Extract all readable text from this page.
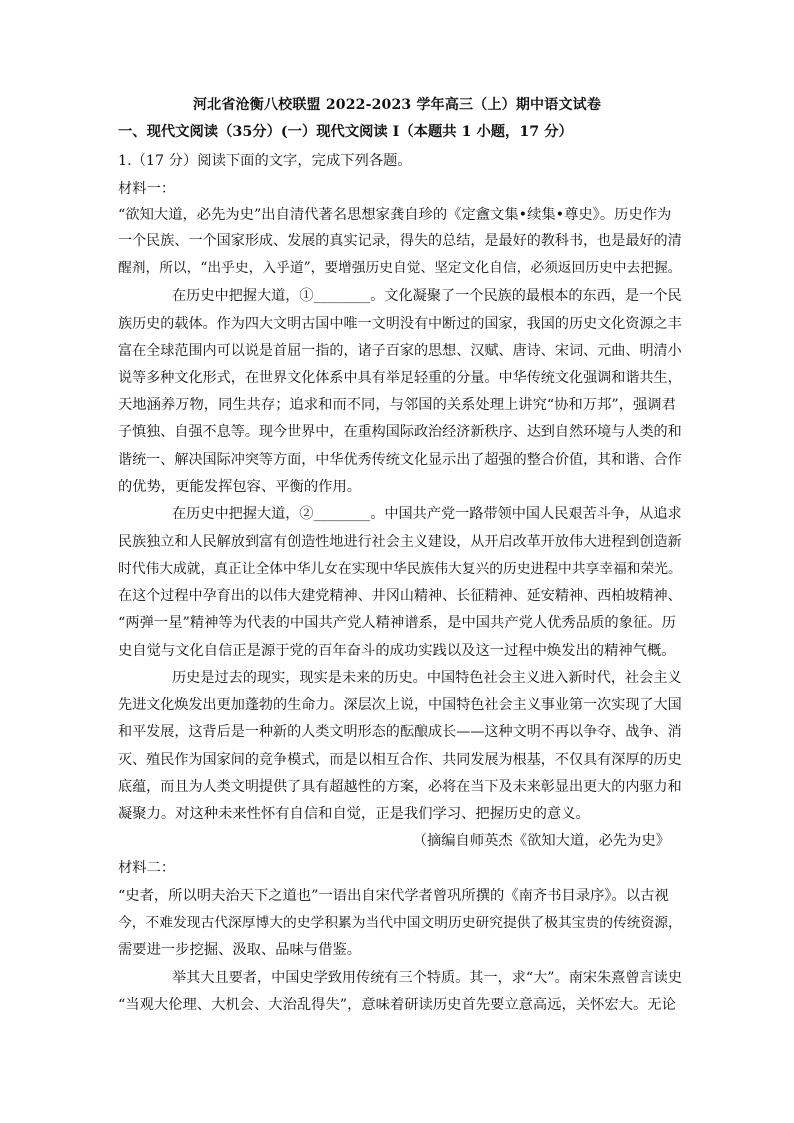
河北省沧衡八校联盟 2022-2023 学年高三（上）期中语文试卷
一、现代文阅读（35分）(一）现代文阅读 I（本题共 1 小题，17 分）
1.（17 分）阅读下面的文字，完成下列各题。
材料一：
“欲知大道，必先为史”出自清代著名思想家龚自珍的《定盦文集•续集•尊史》。历史作为
一个民族、一个国家形成、发展的真实记录，得失的总结，是最好的教科书，也是最好的清
醒剂，所以，“出乎史，入乎道”，要增强历史自觉、坚定文化自信，必须返回历史中去把握。
在历史中把握大道，①________。文化凝聚了一个民族的最根本的东西，是一个民
族历史的载体。作为四大文明古国中唯一文明没有中断过的国家，我国的历史文化资源之丰
富在全球范围内可以说是首屈一指的，诸子百家的思想、汉赋、唐诗、宋词、元曲、明清小
说等多种文化形式，在世界文化体系中具有举足轻重的分量。中华传统文化强调和谐共生，
天地涵养万物，同生共存；追求和而不同，与邻国的关系处理上讲究“协和万邦”，强调君
子慎独、自强不息等。现今世界中，在重构国际政治经济新秩序、达到自然环境与人类的和
谐统一、解决国际冲突等方面，中华优秀传统文化显示出了超强的整合价值，其和谐、合作
的优势，更能发挥包容、平衡的作用。
在历史中把握大道，②________。中国共产党一路带领中国人民艰苦斗争，从追求
民族独立和人民解放到富有创造性地进行社会主义建设，从开启改革开放伟大进程到创造新
时代伟大成就，真正让全体中华儿女在实现中华民族伟大复兴的历史进程中共享幸福和荣光。
在这个过程中孕育出的以伟大建党精神、井冈山精神、长征精神、延安精神、西柏坡精神、
“两弹一星”精神等为代表的中国共产党人精神谱系，是中国共产党人优秀品质的象征。历
史自觉与文化自信正是源于党的百年奋斗的成功实践以及这一过程中焕发出的精神气概。
历史是过去的现实，现实是未来的历史。中国特色社会主义进入新时代，社会主义
先进文化焕发出更加蓬勃的生命力。深层次上说，中国特色社会主义事业第一次实现了大国
和平发展，这背后是一种新的人类文明形态的酝酿成长——这种文明不再以争夺、战争、消
灭、殖民作为国家间的竞争模式，而是以相互合作、共同发展为根基，不仅具有深厚的历史
底蕴，而且为人类文明提供了具有超越性的方案，必将在当下及未来彰显出更大的内驱力和
凝聚力。对这种未来性怀有自信和自觉，正是我们学习、把握历史的意义。
（摘编自师英杰《欲知大道，必先为史》
材料二：
“史者，所以明夫治天下之道也”一语出自宋代学者曾巩所撰的《南齐书目录序》。以古视
今，不难发现古代深厚博大的史学积累为当代中国文明历史研究提供了极其宝贵的传统资源，
需要进一步挖掘、汲取、品味与借鉴。
举其大且要者，中国史学致用传统有三个特质。其一，求“大”。南宋朱熹曾言读史
“当观大伦理、大机会、大治乱得失”，意味着研读历史首先要立意高远，关怀宏大。无论
